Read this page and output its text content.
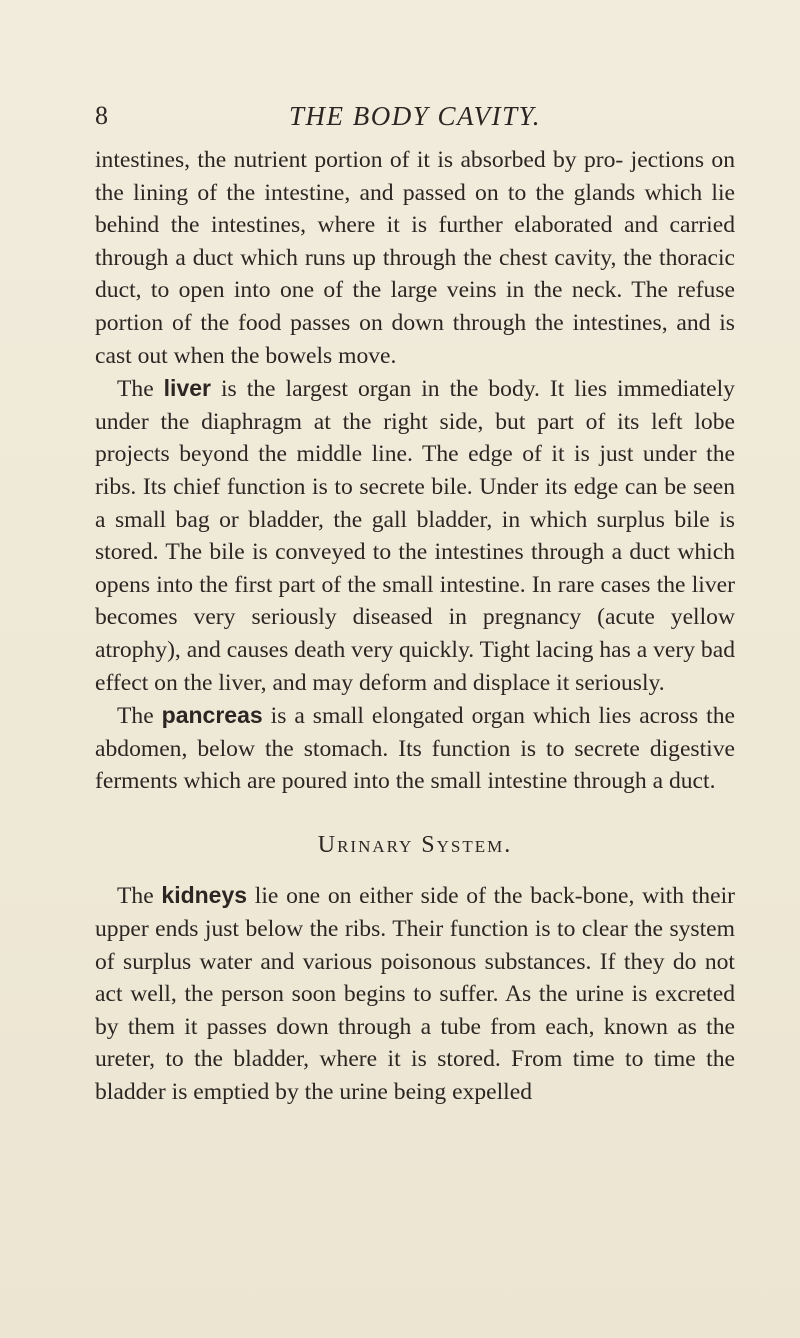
8	THE BODY CAVITY.

intestines, the nutrient portion of it is absorbed by pro- jections on the lining of the intestine, and passed on to the glands which lie behind the intestines, where it is further elaborated and carried through a duct which runs up through the chest cavity, the thoracic duct, to open into one of the large veins in the neck. The refuse portion of the food passes on down through the intestines, and is cast out when the bowels move.

The liver is the largest organ in the body. It lies immediately under the diaphragm at the right side, but part of its left lobe projects beyond the middle line. The edge of it is just under the ribs. Its chief function is to secrete bile. Under its edge can be seen a small bag or bladder, the gall bladder, in which surplus bile is stored. The bile is conveyed to the intestines through a duct which opens into the first part of the small intestine. In rare cases the liver becomes very seriously diseased in pregnancy (acute yellow atrophy), and causes death very quickly. Tight lacing has a very bad effect on the liver, and may deform and displace it seriously.

The pancreas is a small elongated organ which lies across the abdomen, below the stomach. Its function is to secrete digestive ferments which are poured into the small intestine through a duct.

Urinary System.

The kidneys lie one on either side of the back-bone, with their upper ends just below the ribs. Their function is to clear the system of surplus water and various poisonous substances. If they do not act well, the person soon begins to suffer. As the urine is excreted by them it passes down through a tube from each, known as the ureter, to the bladder, where it is stored. From time to time the bladder is emptied by the urine being expelled
